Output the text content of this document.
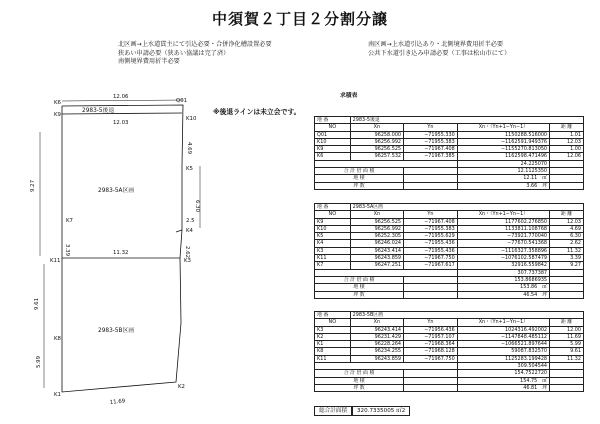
中須賀２丁目２分割分譲
北区画→上水道貫主にて引込必要・合併浄化槽設置必要
狭あい申請必要（狭あい協議は完了済）
南側境界費用折半必要
南区画→上水道引込あり・北側境界費用折半必要
公共下水道引き込み申請必要（工事は松山市にて）
K6	Q01
K9
K10
K5
K7
K4
K3
K11
K1
K2
K8
12.06
12.03
9.27
6.30
3.39	2.62
11.32
9.61
5.99
11.69
4.69
2.5
2983-5後退
2983-5A区画
2983-5B区画
※後退ラインは未立会です。
求積表
地 番	2983-5後退			
NO	Xn	Yn	Xn・（Yn+1−Yn−1）	距 離
Q01	96258.000	−71955.330	1150288.516000	1.01
K10	96256.992	−71955.383	−1162591.949376	12.03
K9	96256.525	−71967.408	−1155270.813050	1.00
K6	96257.532	−71967.385	1162598.471496	12.06
			24.225070	
合 計 倍 面 積			12.1125350	
地 積			12.11　㎡	
坪 数			3.66　坪	
地 番	2983-5A区画			
NO	Xn	Yn	Xn・（Yn+1−Yn−1）	距 離
K9	96256.525	−71967.408	1177602.276850	12.03
K10	96256.992	−71955.383	1133811.108768	4.69
K5	96252.305	−71955.629	−73921.770040	6.30
K4	96246.024	−71955.436	−77670.541368	2.62
K3	96243.414	−71955.436	−1116327.358896	11.32
K11	96243.859	−71967.750	−1076102.587479	3.39
K7	96247.251	−71967.617	32916.559842	9.27
			307.737387	
合 計 倍 面 積			153.8686935	
地 積			153.86　㎡	
坪 数			46.54　坪	
地 番	2983-5B区画			
NO	Xn	Yn	Xn・（Yn+1−Yn−1）	距 離
K3	96243.414	−71956.436	1024316.492002	12.00
K2	96231.429	−71957.107	−1147848.485112	11.69
K1	96228.264	−71968.364	−1066521.897644	5.99
K8	96234.255	−71968.128	59087.832570	9.61
K11	96243.859	−71967.750	1125283.199428	11.32
			309.504544	
合 計 倍 面 積			154.7522720	
地 積			154.75　㎡	
坪 数			46.81　坪	
総合計面積	320.7335005 ㎡2
